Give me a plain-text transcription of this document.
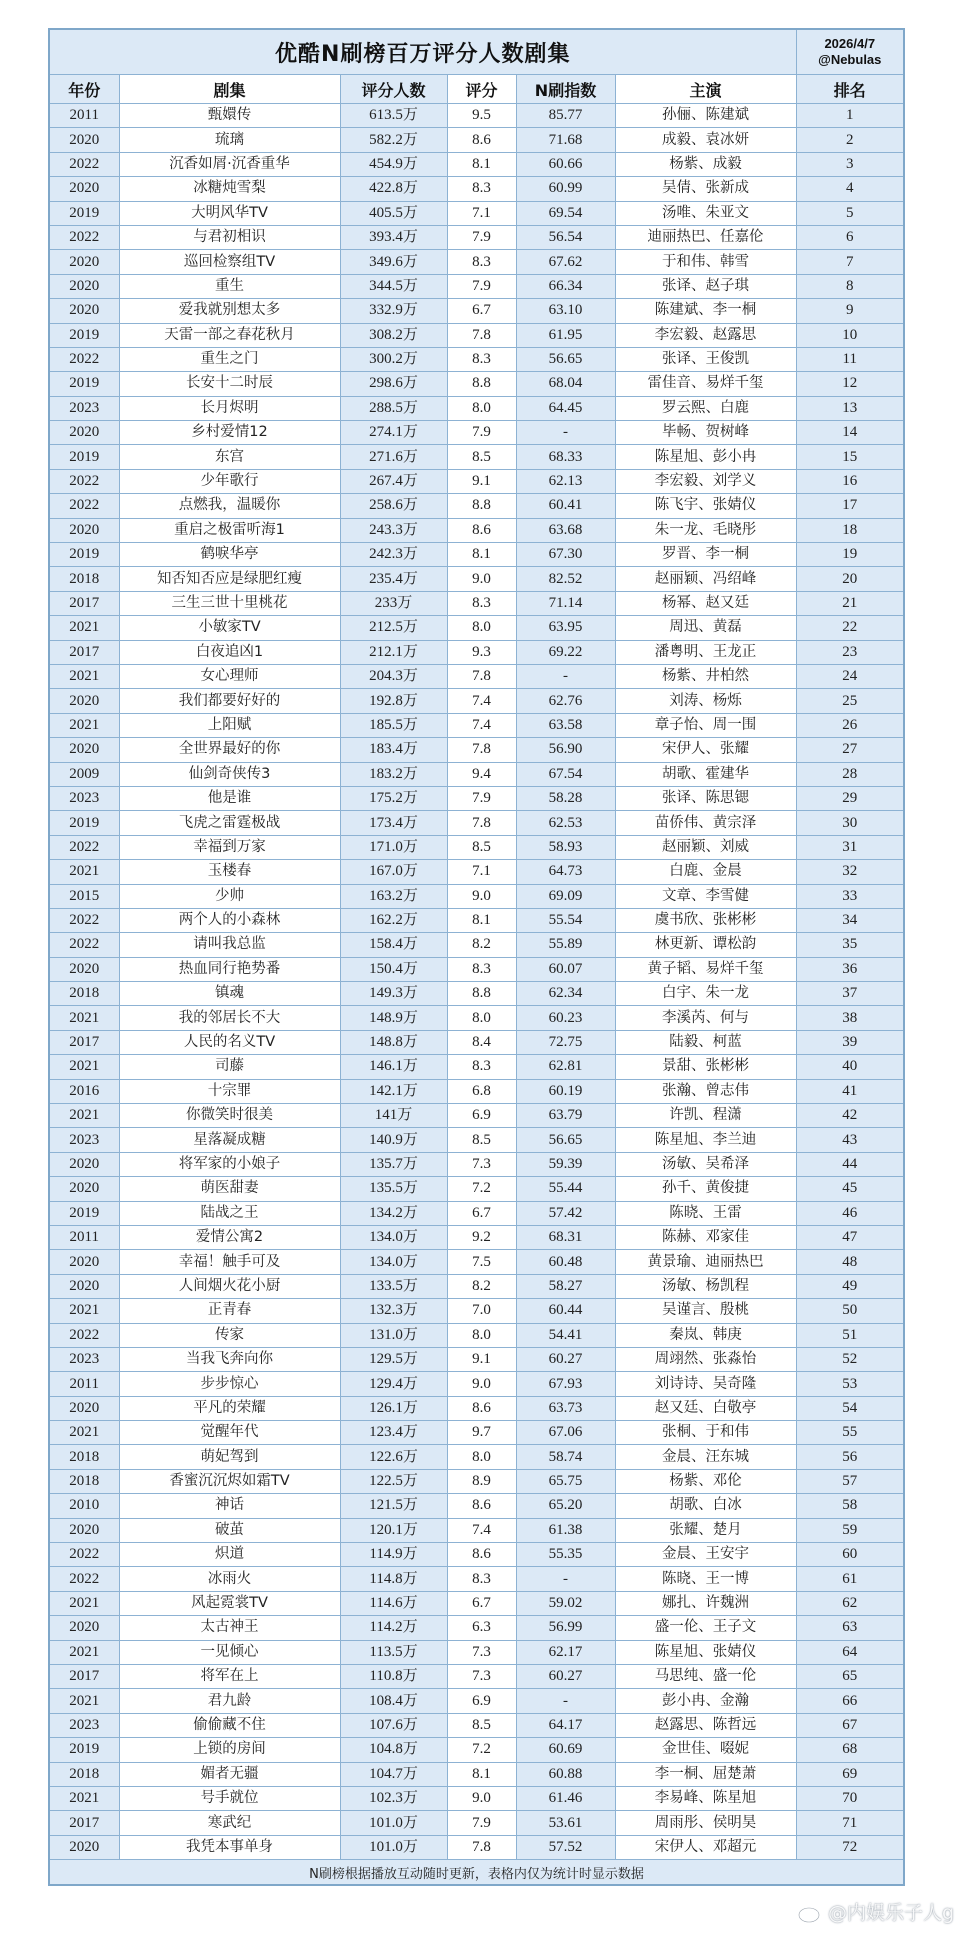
优酷N刷榜百万评分人数剧集						2026/4/7
@Nebulas

年份	剧集	评分人数	评分	N刷指数	主演	排名
2011	甄嬛传	613.5万	9.5	85.77	孙俪、陈建斌	1
2020	琉璃	582.2万	8.6	71.68	成毅、袁冰妍	2
2022	沉香如屑·沉香重华	454.9万	8.1	60.66	杨紫、成毅	3
2020	冰糖炖雪梨	422.8万	8.3	60.99	吴倩、张新成	4
2019	大明风华TV	405.5万	7.1	69.54	汤唯、朱亚文	5
2022	与君初相识	393.4万	7.9	56.54	迪丽热巴、任嘉伦	6
2020	巡回检察组TV	349.6万	8.3	67.62	于和伟、韩雪	7
2020	重生	344.5万	7.9	66.34	张译、赵子琪	8
2020	爱我就别想太多	332.9万	6.7	63.10	陈建斌、李一桐	9
2019	天雷一部之春花秋月	308.2万	7.8	61.95	李宏毅、赵露思	10
2022	重生之门	300.2万	8.3	56.65	张译、王俊凯	11
2019	长安十二时辰	298.6万	8.8	68.04	雷佳音、易烊千玺	12
2023	长月烬明	288.5万	8.0	64.45	罗云熙、白鹿	13
2020	乡村爱情12	274.1万	7.9	-	毕畅、贺树峰	14
2019	东宫	271.6万	8.5	68.33	陈星旭、彭小冉	15
2022	少年歌行	267.4万	9.1	62.13	李宏毅、刘学义	16
2022	点燃我，温暖你	258.6万	8.8	60.41	陈飞宇、张婧仪	17
2020	重启之极雷听海1	243.3万	8.6	63.68	朱一龙、毛晓彤	18
2019	鹤唳华亭	242.3万	8.1	67.30	罗晋、李一桐	19
2018	知否知否应是绿肥红瘦	235.4万	9.0	82.52	赵丽颖、冯绍峰	20
2017	三生三世十里桃花	233万	8.3	71.14	杨幂、赵又廷	21
2021	小敏家TV	212.5万	8.0	63.95	周迅、黄磊	22
2017	白夜追凶1	212.1万	9.3	69.22	潘粤明、王龙正	23
2021	女心理师	204.3万	7.8	-	杨紫、井柏然	24
2020	我们都要好好的	192.8万	7.4	62.76	刘涛、杨烁	25
2021	上阳赋	185.5万	7.4	63.58	章子怡、周一围	26
2020	全世界最好的你	183.4万	7.8	56.90	宋伊人、张耀	27
2009	仙剑奇侠传3	183.2万	9.4	67.54	胡歌、霍建华	28
2023	他是谁	175.2万	7.9	58.28	张译、陈思锶	29
2019	飞虎之雷霆极战	173.4万	7.8	62.53	苗侨伟、黄宗泽	30
2022	幸福到万家	171.0万	8.5	58.93	赵丽颖、刘威	31
2021	玉楼春	167.0万	7.1	64.73	白鹿、金晨	32
2015	少帅	163.2万	9.0	69.09	文章、李雪健	33
2022	两个人的小森林	162.2万	8.1	55.54	虞书欣、张彬彬	34
2022	请叫我总监	158.4万	8.2	55.89	林更新、谭松韵	35
2020	热血同行艳势番	150.4万	8.3	60.07	黄子韬、易烊千玺	36
2018	镇魂	149.3万	8.8	62.34	白宇、朱一龙	37
2021	我的邻居长不大	148.9万	8.0	60.23	李溪芮、何与	38
2017	人民的名义TV	148.8万	8.4	72.75	陆毅、柯蓝	39
2021	司藤	146.1万	8.3	62.81	景甜、张彬彬	40
2016	十宗罪	142.1万	6.8	60.19	张瀚、曾志伟	41
2021	你微笑时很美	141万	6.9	63.79	许凯、程潇	42
2023	星落凝成糖	140.9万	8.5	56.65	陈星旭、李兰迪	43
2020	将军家的小娘子	135.7万	7.3	59.39	汤敏、吴希泽	44
2020	萌医甜妻	135.5万	7.2	55.44	孙千、黄俊捷	45
2019	陆战之王	134.2万	6.7	57.42	陈晓、王雷	46
2011	爱情公寓2	134.0万	9.2	68.31	陈赫、邓家佳	47
2020	幸福！触手可及	134.0万	7.5	60.48	黄景瑜、迪丽热巴	48
2020	人间烟火花小厨	133.5万	8.2	58.27	汤敏、杨凯程	49
2021	正青春	132.3万	7.0	60.44	吴谨言、殷桃	50
2022	传家	131.0万	8.0	54.41	秦岚、韩庚	51
2023	当我飞奔向你	129.5万	9.1	60.27	周翊然、张淼怡	52
2011	步步惊心	129.4万	9.0	67.93	刘诗诗、吴奇隆	53
2020	平凡的荣耀	126.1万	8.6	63.73	赵又廷、白敬亭	54
2021	觉醒年代	123.4万	9.7	67.06	张桐、于和伟	55
2018	萌妃驾到	122.6万	8.0	58.74	金晨、汪东城	56
2018	香蜜沉沉烬如霜TV	122.5万	8.9	65.75	杨紫、邓伦	57
2010	神话	121.5万	8.6	65.20	胡歌、白冰	58
2020	破茧	120.1万	7.4	61.38	张耀、楚月	59
2022	炽道	114.9万	8.6	55.35	金晨、王安宇	60
2022	冰雨火	114.8万	8.3	-	陈晓、王一博	61
2021	风起霓裳TV	114.6万	6.7	59.02	娜扎、许魏洲	62
2020	太古神王	114.2万	6.3	56.99	盛一伦、王子文	63
2021	一见倾心	113.5万	7.3	62.17	陈星旭、张婧仪	64
2017	将军在上	110.8万	7.3	60.27	马思纯、盛一伦	65
2021	君九龄	108.4万	6.9	-	彭小冉、金瀚	66
2023	偷偷藏不住	107.6万	8.5	64.17	赵露思、陈哲远	67
2019	上锁的房间	104.8万	7.2	60.69	金世佳、啜妮	68
2018	媚者无疆	104.7万	8.1	60.88	李一桐、屈楚萧	69
2021	号手就位	102.3万	9.0	61.46	李易峰、陈星旭	70
2017	寒武纪	101.0万	7.9	53.61	周雨彤、侯明昊	71
2020	我凭本事单身	101.0万	7.8	57.52	宋伊人、邓超元	72
N刷榜根据播放互动随时更新，表格内仅为统计时显示数据						
@内娱乐子人g
